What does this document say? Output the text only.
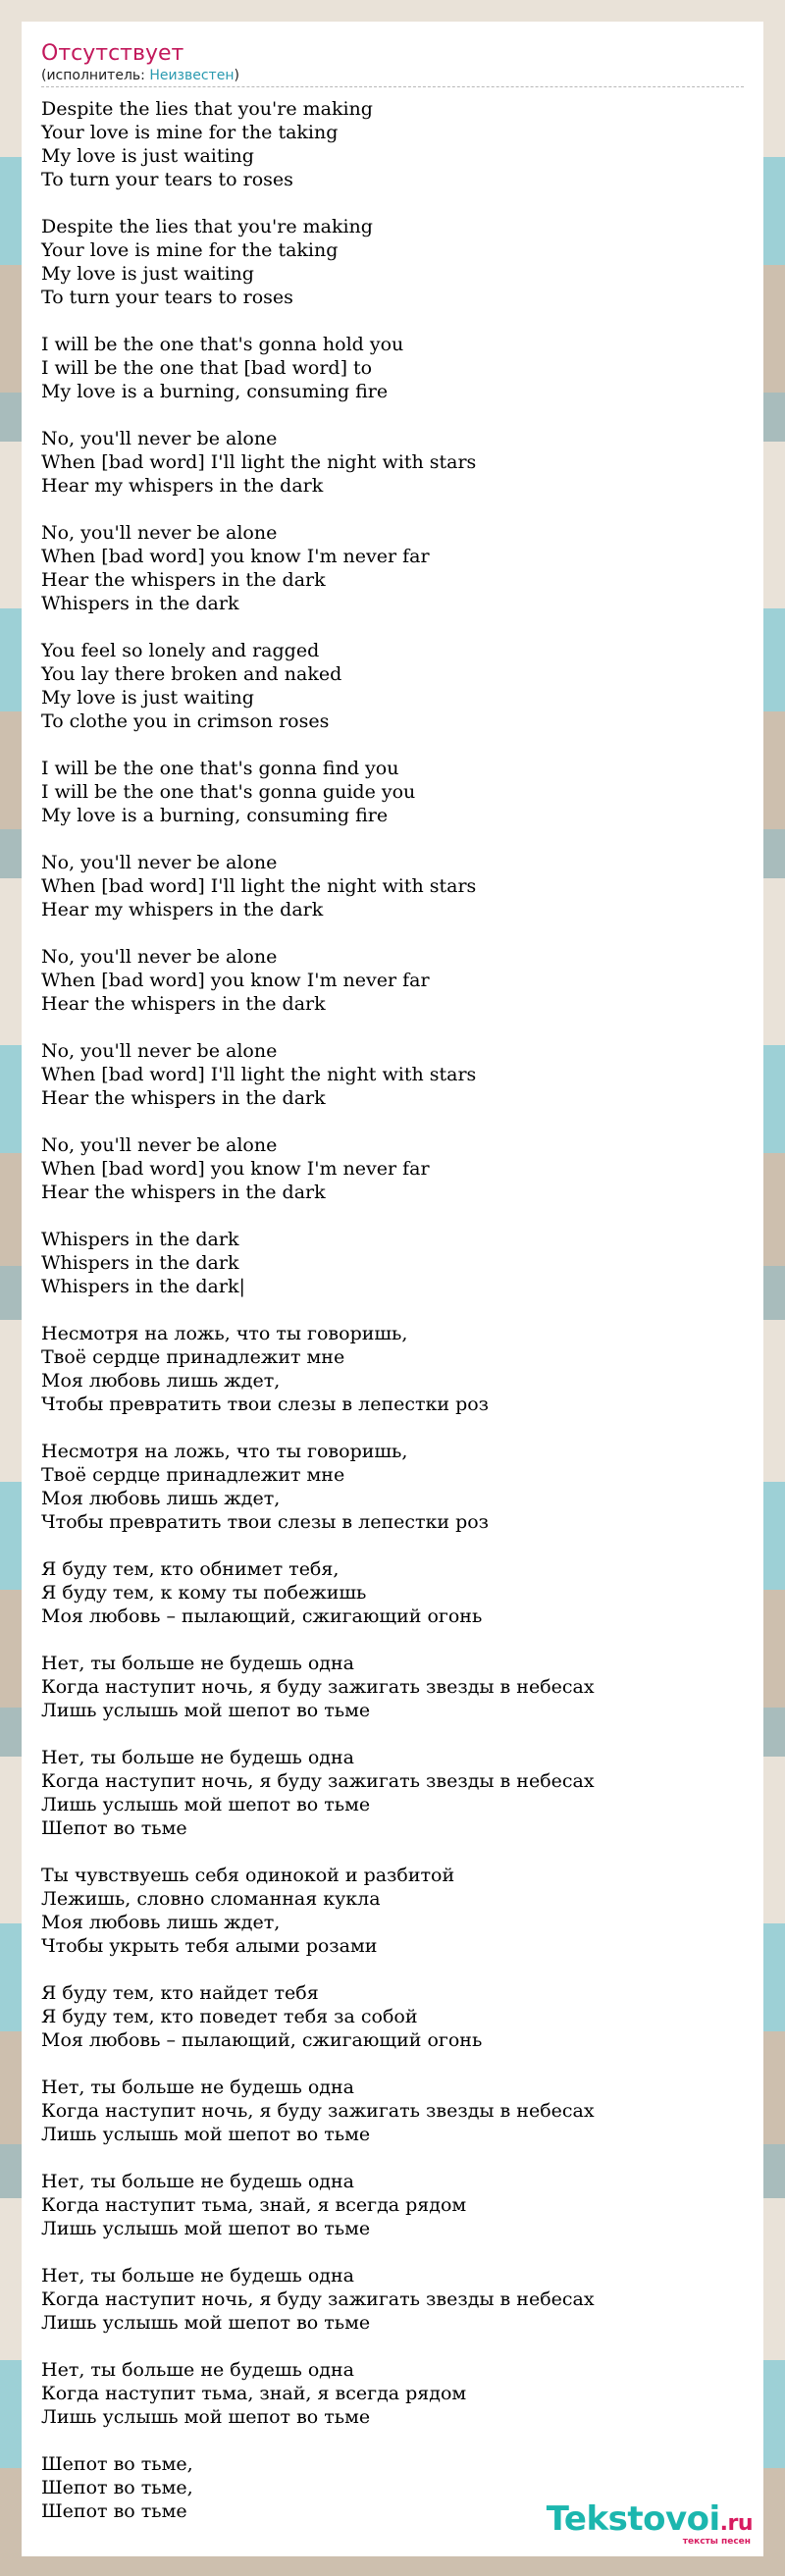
Отсутствует
(исполнитель: Неизвестен)
Despite the lies that you're making
Your love is mine for the taking
My love is just waiting
To turn your tears to roses
Despite the lies that you're making
Your love is mine for the taking
My love is just waiting
To turn your tears to roses
I will be the one that's gonna hold you
I will be the one that [bad word] to
My love is a burning, consuming fire
No, you'll never be alone
When [bad word] I'll light the night with stars
Hear my whispers in the dark
No, you'll never be alone
When [bad word] you know I'm never far
Hear the whispers in the dark
Whispers in the dark
You feel so lonely and ragged
You lay there broken and naked
My love is just waiting
To clothe you in crimson roses
I will be the one that's gonna find you
I will be the one that's gonna guide you
My love is a burning, consuming fire
No, you'll never be alone
When [bad word] I'll light the night with stars
Hear my whispers in the dark
No, you'll never be alone
When [bad word] you know I'm never far
Hear the whispers in the dark
No, you'll never be alone
When [bad word] I'll light the night with stars
Hear the whispers in the dark
No, you'll never be alone
When [bad word] you know I'm never far
Hear the whispers in the dark
Whispers in the dark
Whispers in the dark
Whispers in the dark|
Несмотря на ложь, что ты говоришь,
Твоё сердце принадлежит мне
Моя любовь лишь ждет,
Чтобы превратить твои слезы в лепестки роз
Несмотря на ложь, что ты говоришь,
Твоё сердце принадлежит мне
Моя любовь лишь ждет,
Чтобы превратить твои слезы в лепестки роз
Я буду тем, кто обнимет тебя,
Я буду тем, к кому ты побежишь
Моя любовь – пылающий, сжигающий огонь
Нет, ты больше не будешь одна
Когда наступит ночь, я буду зажигать звезды в небесах
Лишь услышь мой шепот во тьме
Нет, ты больше не будешь одна
Когда наступит ночь, я буду зажигать звезды в небесах
Лишь услышь мой шепот во тьме
Шепот во тьме
Ты чувствуешь себя одинокой и разбитой
Лежишь, словно сломанная кукла
Моя любовь лишь ждет,
Чтобы укрыть тебя алыми розами
Я буду тем, кто найдет тебя
Я буду тем, кто поведет тебя за собой
Моя любовь – пылающий, сжигающий огонь
Нет, ты больше не будешь одна
Когда наступит ночь, я буду зажигать звезды в небесах
Лишь услышь мой шепот во тьме
Нет, ты больше не будешь одна
Когда наступит тьма, знай, я всегда рядом
Лишь услышь мой шепот во тьме
Нет, ты больше не будешь одна
Когда наступит ночь, я буду зажигать звезды в небесах
Лишь услышь мой шепот во тьме
Нет, ты больше не будешь одна
Когда наступит тьма, знай, я всегда рядом
Лишь услышь мой шепот во тьме
Шепот во тьме,
Шепот во тьме,
Шепот во тьме	Tekstovoi.ru
тексты песен
